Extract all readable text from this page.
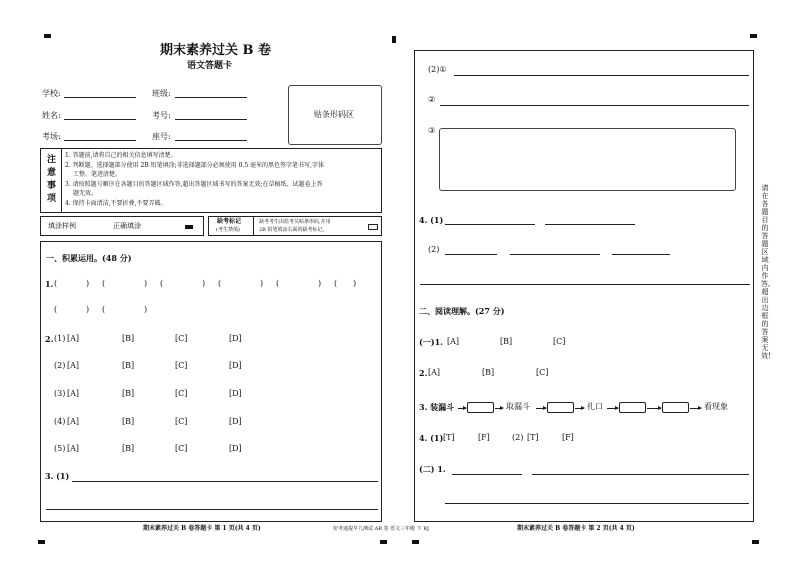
期末素养过关 B 卷
语文答题卡
学校:	班级:
姓名:	考号:
考场:	座号:
贴条形码区
注
意
事
项
1. 答题前,请将自己的相关信息填写清楚。
2. 判断题、选择题部分使用 2B 铅笔填涂;非选择题部分必须使用 0.5 毫米的黑色签字笔书写,字体
工整、笔迹清楚。
3. 请按照题号顺序在各题目的答题区域作答,超出答题区域书写的答案无效;在草稿纸、试题卷上答
题无效。
4. 保持卡面清洁,不要折叠,不要弄破。
填涂样例	正确填涂
缺考标记
(考生禁填)
缺考考生由监考员贴条形码,并用
2B 铅笔填涂右面的缺考标记。
一、积累运用。(48 分)
1. (	) (	) (	) (	) (	) ( )
(	) (	)
2. (1) [A]	[B]	[C]	[D]
(2) [A]	[B]	[C]	[D]
(3) [A]	[B]	[C]	[D]
(4) [A]	[B]	[C]	[D]
(5) [A]	[B]	[C]	[D]
3. (1)
期末素养过关 B 卷答题卡 第 1 页(共 4 页)	密考通提早九测试 AB 卷 语文三年级 下 RJ
(2)①
②
③
4. (1)
(2)
二、阅读理解。(27 分)
(一)1. [A]	[B]	[C]
2. [A]	[B]	[C]
3. 装漏斗	取漏斗	扎口	看现象
4. (1) [T]	[F]	(2) [T]	[F]
(二) 1.
期末素养过关 B 卷答题卡 第 2 页(共 4 页)
请在各题目的答题区域内作答,超出边框的答案无效!
